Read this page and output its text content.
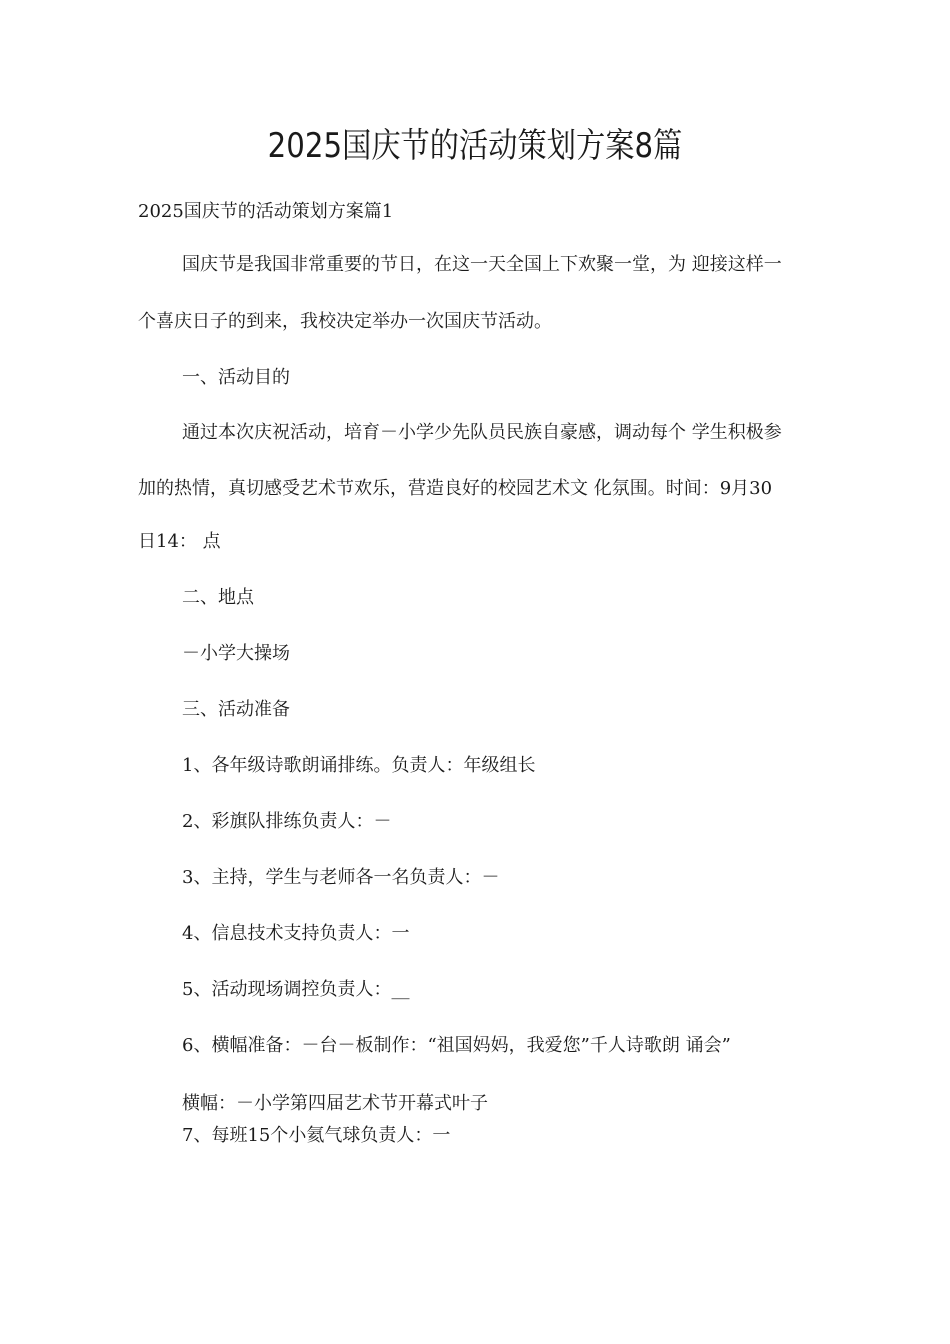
2025国庆节的活动策划方案8篇
2025国庆节的活动策划方案篇1
国庆节是我国非常重要的节日，在这一天全国上下欢聚一堂，为 迎接这样一
个喜庆日子的到来，我校决定举办一次国庆节活动。
一、活动目的
通过本次庆祝活动，培育－小学少先队员民族自豪感，调动每个 学生积极参
加的热情，真切感受艺术节欢乐，营造良好的校园艺术文 化氛围。时间：9月30
日14： 点
二、地点
－小学大操场
三、活动准备
1、各年级诗歌朗诵排练。负责人：年级组长
2、彩旗队排练负责人：－
3、主持，学生与老师各一名负责人：－
4、信息技术支持负责人：一
5、活动现场调控负责人：__
6、横幅准备：－台－板制作：“祖国妈妈，我爱您”千人诗歌朗 诵会”
横幅：－小学第四届艺术节开幕式叶子
7、每班15个小氦气球负责人：一
